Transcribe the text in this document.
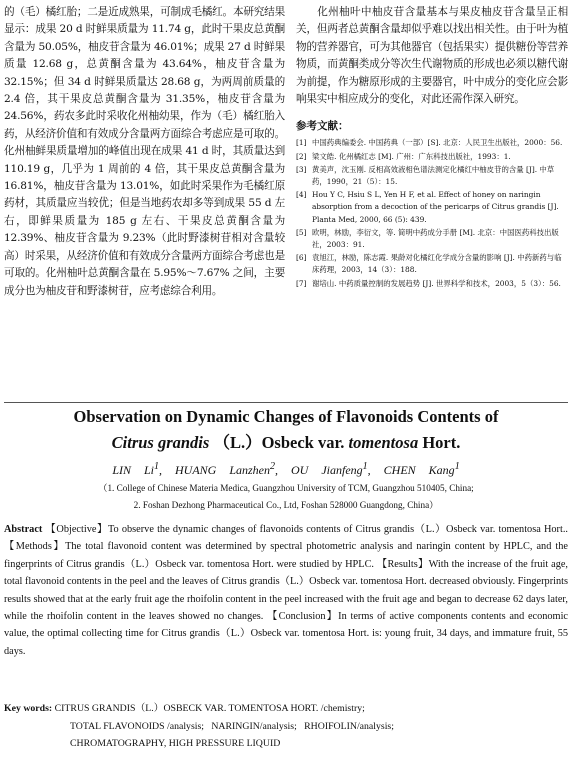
的（毛）橘红胎；二是近成熟果，可制成毛橘红。本研究结果显示：成果 20 d 时鲜果质量为 11.74 g，此时干果皮总黄酮含量为 50.05%，柚皮苷含量为 46.01%；成果 27 d 时鲜果质量 12.68 g，总黄酮含量为 43.64%，柚皮苷含量为 32.15%；但 34 d 时鲜果质量达 28.68 g，为两周前质量的 2.4 倍，其干果皮总黄酮含量为 31.35%，柚皮苷含量为 24.56%，药农多此时采收化州柚幼果，作为（毛）橘红胎入药，从经济价值和有效成分含量两方面综合考虑应是可取的。化州柚鲜果质量增加的峰值出现在成果 41 d 时，其质量达到 110.19 g，几乎为 1 周前的 4 倍，其干果皮总黄酮含量为 16.81%，柚皮苷含量为 13.01%，如此时采果作为毛橘红原药材，其质量应当较优；但是当地药农却多等到成果 55 d 左右，即鲜果质量为 185 g 左右、干果皮总黄酮含量为 12.39%、柚皮苷含量为 9.23%（此时野漆树苷相对含量较高）时采果，从经济价值和有效成分含量两方面综合考虑也是可取的。化州柚叶总黄酮含量在 5.95%～7.67% 之间，主要成分也为柚皮苷和野漆树苷，应考虑综合利用。
化州柚叶中柚皮苷含量基本与果皮柚皮苷含量呈正相关，但两者总黄酮含量却似乎难以找出相关性。由于叶为植物的营养器官，可为其他器官（包括果实）提供糖份等营养物质，而黄酮类成分等次生代谢物质的形成也必须以糖代谢为前提，作为糖原形成的主要器官，叶中成分的变化应会影响果实中相应成分的变化，对此还需作深入研究。
参考文献：
[1] 中国药典编委会. 中国药典（一部）[S]. 北京：人民卫生出版社，2000：56.
[2] 梁文皓. 化州橘红志 [M]. 广州：广东科技出版社，1993：1.
[3] 黄美声，沈玉刚. 反相高效液相色谱法测定化橘红中柚皮苷的含量 [J]. 中草药，1990，21（5）：15.
[4] Hou Y C, Hsiu S L, Yen H F, et al. Effect of honey on naringin absorption from a decoction of the pericarps of Citrus grandis [J]. Planta Med, 2000, 66 (5): 439.
[5] 欧明，林励，李衍文，等. 简明中药成分手册 [M]. 北京：中国医药科技出版社，2003：91.
[6] 袁旭江，林励，陈志霞. 果龄对化橘红化学成分含量的影响 [J]. 中药新药与临床药理，2003，14（3）：188.
[7] 谢培山. 中药质量控制的发展趋势 [J]. 世界科学和技术，2003，5（3）：56.
Observation on Dynamic Changes of Flavonoids Contents of
Citrus grandis （L.）Osbeck var. tomentosa Hort.
LIN Li$^1$, HUANG Lanzhen$^2$, OU Jianfeng$^1$, CHEN Kang$^1$
（1. College of Chinese Materia Medica, Guangzhou University of TCM, Guangzhou 510405, China;
2. Foshan Dezhong Pharmaceutical Co., Ltd, Foshan 528000 Guangdong, China）
Abstract 【Objective】To observe the dynamic changes of flavonoids contents of Citrus grandis（L.）Osbeck var. tomentosa Hort.. 【Methods】The total flavonoid content was determined by spectral photometric analysis and naringin content by HPLC, and the fingerprints of Citrus grandis（L.）Osbeck var. tomentosa Hort. were studied by HPLC. 【Results】With the increase of the fruit age, total flavonoid contents in the peel and the leaves of Citrus grandis（L.）Osbeck var. tomentosa Hort. decreased obviously. Fingerprints results showed that at the early fruit age the rhoifolin content in the peel increased with the fruit age and began to decrease 62 days later, while the rhoifolin content in the leaves showed no changes. 【Conclusion】In terms of active components contents and economic value, the optimal collecting time for Citrus grandis（L.）Osbeck var. tomentosa Hort. is: young fruit, 34 days, and immature fruit, 55 days.
Key words: CITRUS GRANDIS（L.）OSBECK VAR. TOMENTOSA HORT. /chemistry;
TOTAL FLAVONOIDS /analysis;   NARINGIN/analysis;   RHOIFOLIN/analysis;
CHROMATOGRAPHY, HIGH PRESSURE LIQUID
